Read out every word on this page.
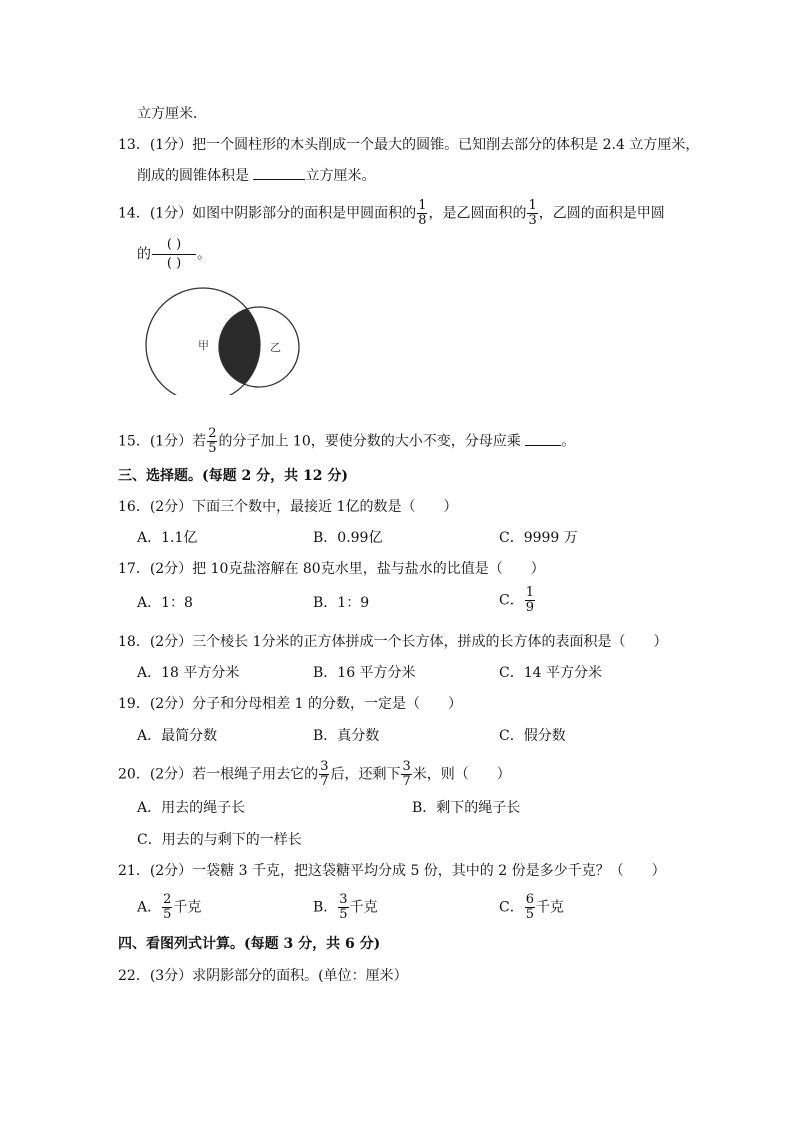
立方厘米．
13．(1分）把一个圆柱形的木头削成一个最大的圆锥。已知削去部分的体积是 2.4 立方厘米，
削成的圆锥体积是	立方厘米。
14．(1分）如图中阴影部分的面积是甲圆面积的 $\frac{1}{8}$ ，是乙圆面积的 $\frac{1}{3}$ ，乙圆的面积是甲圆
的 $\frac{( )}{( )}$ 。
甲	乙
15．(1分）若 $\frac{2}{5}$ 的分子加上 10，要使分数的大小不变，分母应乘	。
三、选择题。(每题 2 分，共 12 分)
16．(2分）下面三个数中，最接近 1亿的数是（　　）
A．1.1亿	B．0.99亿	C．9999 万
17．(2分）把 10克盐溶解在 80克水里，盐与盐水的比值是（　　）
A．1：8	B．1：9	C． $\frac{1}{9}$
18．(2分）三个棱长 1分米的正方体拼成一个长方体，拼成的长方体的表面积是（　　）
A．18 平方分米	B．16 平方分米	C．14 平方分米
19．(2分）分子和分母相差 1 的分数，一定是（　　）
A．最简分数	B．真分数	C．假分数
20．(2分）若一根绳子用去它的 $\frac{3}{7}$ 后，还剩下 $\frac{3}{7}$ 米，则（　　）
A．用去的绳子长	B．剩下的绳子长
C．用去的与剩下的一样长
21．(2分）一袋糖 3 千克，把这袋糖平均分成 5 份，其中的 2 份是多少千克？（　　）
A． $\frac{2}{5}$ 千克	B． $\frac{3}{5}$ 千克	C． $\frac{6}{5}$ 千克
四、看图列式计算。(每题 3 分，共 6 分)
22．(3分）求阴影部分的面积。(单位：厘米）
